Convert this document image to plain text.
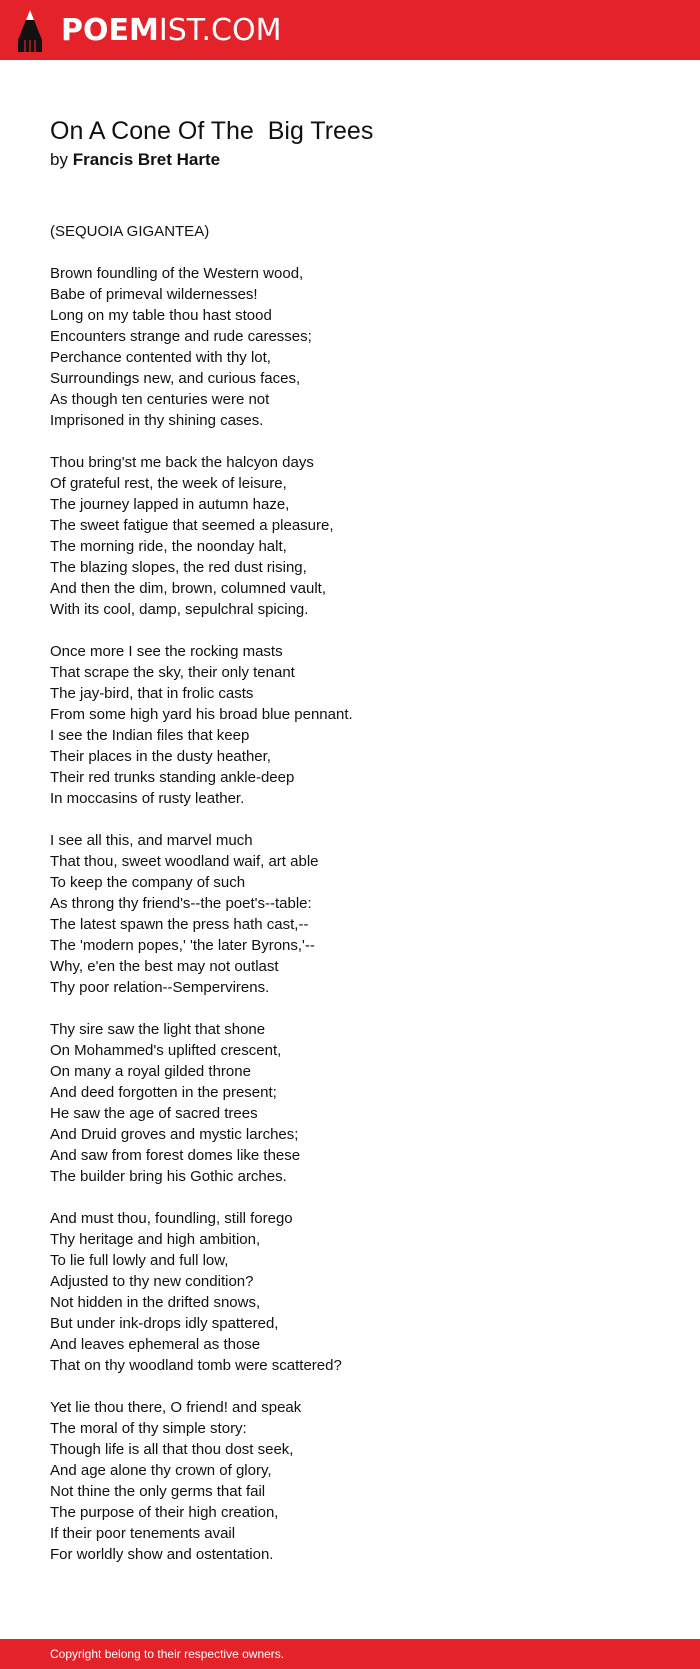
POEMIST.COM
On A Cone Of The  Big Trees
by Francis Bret Harte
(SEQUOIA GIGANTEA)
Brown foundling of the Western wood,
Babe of primeval wildernesses!
Long on my table thou hast stood
Encounters strange and rude caresses;
Perchance contented with thy lot,
Surroundings new, and curious faces,
As though ten centuries were not
Imprisoned in thy shining cases.
Thou bring'st me back the halcyon days
Of grateful rest, the week of leisure,
The journey lapped in autumn haze,
The sweet fatigue that seemed a pleasure,
The morning ride, the noonday halt,
The blazing slopes, the red dust rising,
And then the dim, brown, columned vault,
With its cool, damp, sepulchral spicing.
Once more I see the rocking masts
That scrape the sky, their only tenant
The jay-bird, that in frolic casts
From some high yard his broad blue pennant.
I see the Indian files that keep
Their places in the dusty heather,
Their red trunks standing ankle-deep
In moccasins of rusty leather.
I see all this, and marvel much
That thou, sweet woodland waif, art able
To keep the company of such
As throng thy friend's--the poet's--table:
The latest spawn the press hath cast,--
The 'modern popes,' 'the later Byrons,'--
Why, e'en the best may not outlast
Thy poor relation--Sempervirens.
Thy sire saw the light that shone
On Mohammed's uplifted crescent,
On many a royal gilded throne
And deed forgotten in the present;
He saw the age of sacred trees
And Druid groves and mystic larches;
And saw from forest domes like these
The builder bring his Gothic arches.
And must thou, foundling, still forego
Thy heritage and high ambition,
To lie full lowly and full low,
Adjusted to thy new condition?
Not hidden in the drifted snows,
But under ink-drops idly spattered,
And leaves ephemeral as those
That on thy woodland tomb were scattered?
Yet lie thou there, O friend! and speak
The moral of thy simple story:
Though life is all that thou dost seek,
And age alone thy crown of glory,
Not thine the only germs that fail
The purpose of their high creation,
If their poor tenements avail
For worldly show and ostentation.
Copyright belong to their respective owners.
